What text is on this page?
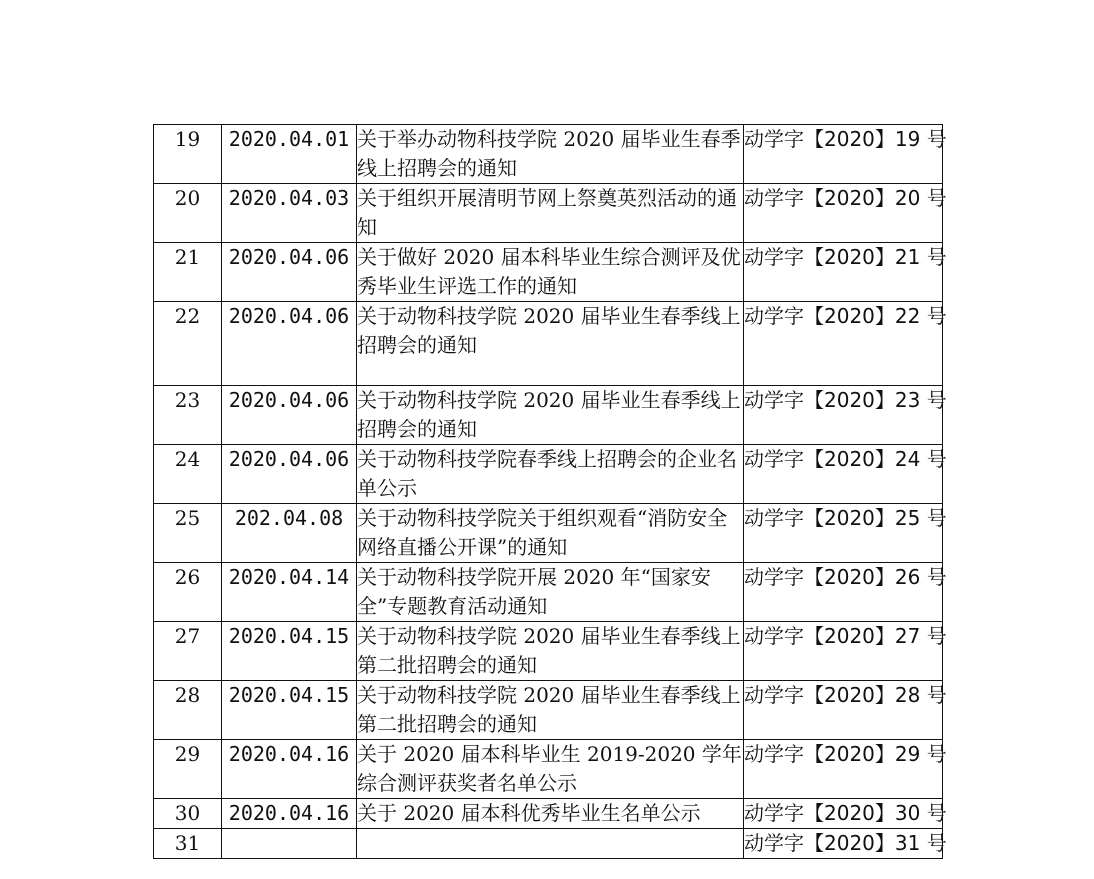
19	2020.04.01	关于举办动物科技学院 2020 届毕业生春季线上招聘会的通知	动学字【2020】19 号
20	2020.04.03	关于组织开展清明节网上祭奠英烈活动的通知	动学字【2020】20 号
21	2020.04.06	关于做好 2020 届本科毕业生综合测评及优秀毕业生评选工作的通知	动学字【2020】21 号
22	2020.04.06	关于动物科技学院 2020 届毕业生春季线上招聘会的通知	动学字【2020】22 号
23	2020.04.06	关于动物科技学院 2020 届毕业生春季线上招聘会的通知	动学字【2020】23 号
24	2020.04.06	关于动物科技学院春季线上招聘会的企业名单公示	动学字【2020】24 号
25	202.04.08	关于动物科技学院关于组织观看“消防安全网络直播公开课”的通知	动学字【2020】25 号
26	2020.04.14	关于动物科技学院开展 2020 年“国家安全”专题教育活动通知	动学字【2020】26 号
27	2020.04.15	关于动物科技学院 2020 届毕业生春季线上第二批招聘会的通知	动学字【2020】27 号
28	2020.04.15	关于动物科技学院 2020 届毕业生春季线上第二批招聘会的通知	动学字【2020】28 号
29	2020.04.16	关于 2020 届本科毕业生 2019-2020 学年综合测评获奖者名单公示	动学字【2020】29 号
30	2020.04.16	关于 2020 届本科优秀毕业生名单公示	动学字【2020】30 号
31			动学字【2020】31 号
